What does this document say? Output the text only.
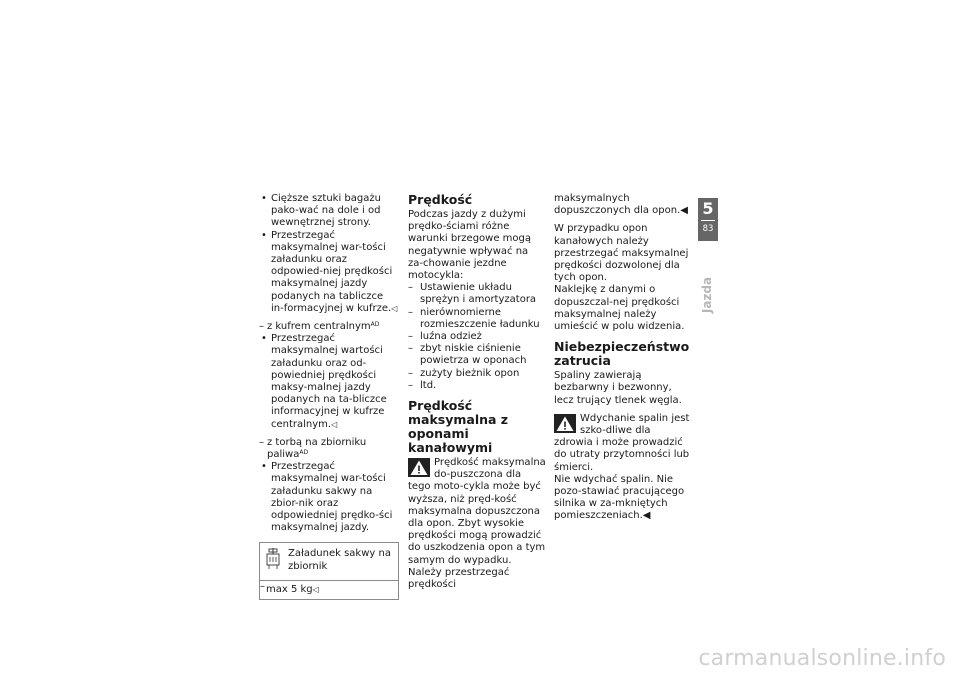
• Cięższe sztuki bagażu pako-wać na dole i od wewnętrznej strony.
• Przestrzegać maksymalnej war-tości załadunku oraz odpowied-niej prędkości maksymalnej jazdy podanych na tabliczce in-formacyjnej w kufrze.◁
– z kufrem centralnym$^{AD}$
• Przestrzegać maksymalnej wartości załadunku oraz od-powiedniej prędkości maksy-malnej jazdy podanych na ta-bliczce informacyjnej w kufrze centralnym.◁
– z torbą na zbiorniku paliwa$^{AD}$
• Przestrzegać maksymalnej war-tości załadunku sakwy na zbior-nik oraz odpowiedniej prędko-ści maksymalnej jazdy.
Załadunek sakwy na zbiornik
– max 5 kg◁
Prędkość
Podczas jazdy z dużymi prędko-ściami różne warunki brzegowe mogą negatywnie wpływać na za-chowanie jezdne motocykla:
– Ustawienie układu sprężyn i amortyzatora
– nierównomierne rozmieszczenie ładunku
– luźna odzież
– zbyt niskie ciśnienie powietrza w oponach
– zużyty bieżnik opon
– ltd.
Prędkość maksymalna z oponami kanałowymi
Prędkość maksymalna do-puszczona dla tego moto-cykla może być wyższa, niż pręd-kość maksymalna dopuszczona dla opon. Zbyt wysokie prędkości mogą prowadzić do uszkodzenia opon a tym samym do wypadku. Należy przestrzegać prędkości
maksymalnych dopuszczonych dla opon.◀
W przypadku opon kanałowych należy przestrzegać maksymalnej prędkości dozwolonej dla tych opon.
Naklejkę z danymi o dopuszczal-nej prędkości maksymalnej należy umieścić w polu widzenia.
Niebezpieczeństwo zatrucia
Spaliny zawierają bezbarwny i bezwonny, lecz trujący tlenek węgla.
Wdychanie spalin jest szko-dliwe dla zdrowia i może prowadzić do utraty przytomności lub śmierci.
Nie wdychać spalin. Nie pozo-stawiać pracującego silnika w za-mkniętych pomieszczeniach.◀
5
83
Jazda
carmanualsonline.info
